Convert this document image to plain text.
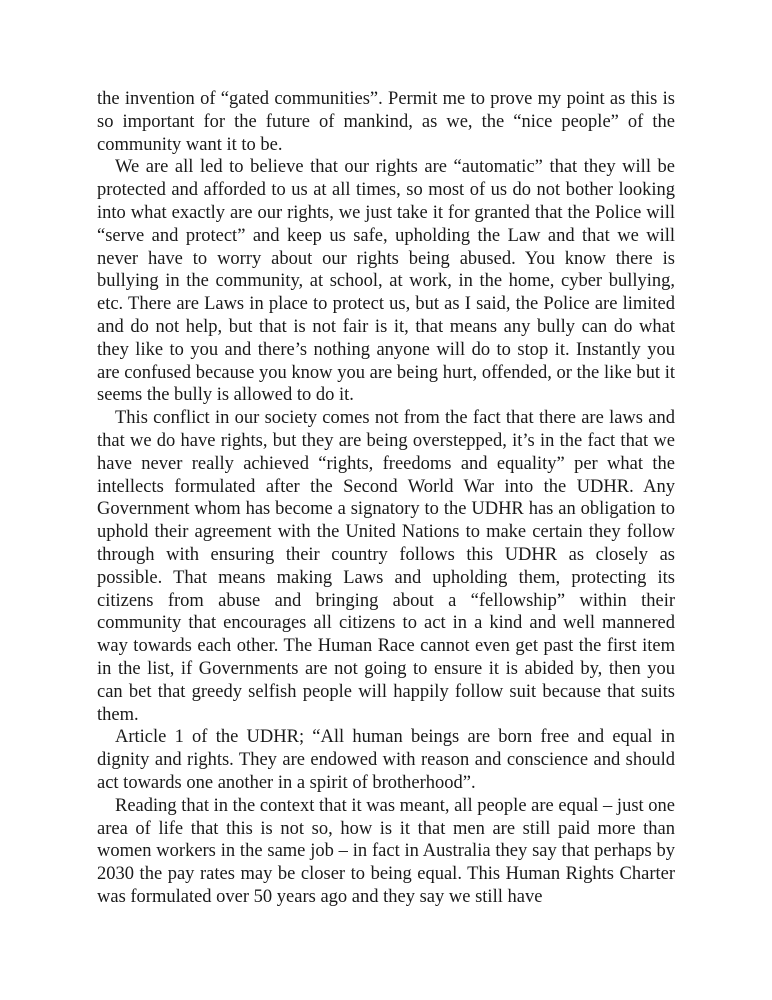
the invention of “gated communities”. Permit me to prove my point as this is so important for the future of mankind, as we, the “nice people” of the community want it to be.

We are all led to believe that our rights are “automatic” that they will be protected and afforded to us at all times, so most of us do not bother looking into what exactly are our rights, we just take it for granted that the Police will “serve and protect” and keep us safe, upholding the Law and that we will never have to worry about our rights being abused. You know there is bullying in the community, at school, at work, in the home, cyber bullying, etc. There are Laws in place to protect us, but as I said, the Police are limited and do not help, but that is not fair is it, that means any bully can do what they like to you and there’s nothing anyone will do to stop it. Instantly you are confused because you know you are being hurt, offended, or the like but it seems the bully is allowed to do it.

This conflict in our society comes not from the fact that there are laws and that we do have rights, but they are being overstepped, it’s in the fact that we have never really achieved “rights, freedoms and equality” per what the intellects formulated after the Second World War into the UDHR. Any Government whom has become a signatory to the UDHR has an obligation to uphold their agreement with the United Nations to make certain they follow through with ensuring their country follows this UDHR as closely as possible. That means making Laws and upholding them, protecting its citizens from abuse and bringing about a “fellowship” within their community that encourages all citizens to act in a kind and well mannered way towards each other. The Human Race cannot even get past the first item in the list, if Governments are not going to ensure it is abided by, then you can bet that greedy selfish people will happily follow suit because that suits them.

Article 1 of the UDHR; “All human beings are born free and equal in dignity and rights. They are endowed with reason and conscience and should act towards one another in a spirit of brotherhood”.

Reading that in the context that it was meant, all people are equal – just one area of life that this is not so, how is it that men are still paid more than women workers in the same job – in fact in Australia they say that perhaps by 2030 the pay rates may be closer to being equal. This Human Rights Charter was formulated over 50 years ago and they say we still have
